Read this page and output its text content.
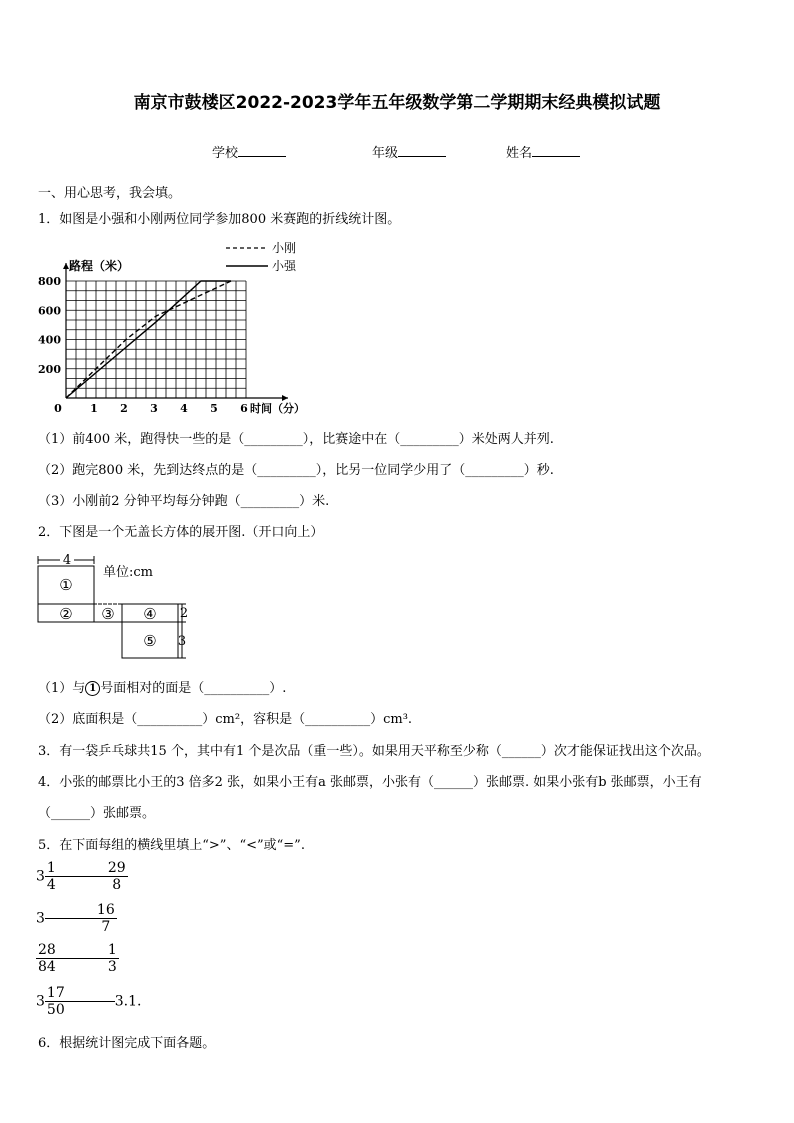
南京市鼓楼区2022-2023学年五年级数学第二学期期末经典模拟试题
学校	年级	姓名
一、用心思考，我会填。
1．如图是小强和小刚两位同学参加800 米赛跑的折线统计图。
路程（米）
0	1 2 3 4 5 6 时间（分）
200
400
600
800
小刚
小强
（1）前400 米，跑得快一些的是（_________），比赛途中在（_________）米处两人并列.
（2）跑完800 米，先到达终点的是（_________），比另一位同学少用了（_________）秒.
（3）小刚前2 分钟平均每分钟跑（_________）米.
2．下图是一个无盖长方体的展开图.（开口向上）
4
①
② ③ ④
⑤
2
3
单位:cm
（1）与 1 号面相对的面是（__________）.
（2）底面积是（__________）cm²，容积是（__________）cm³.
3．有一袋乒乓球共15 个，其中有1 个是次品（重一些）。如果用天平称至少称（______）次才能保证找出这个次品。
4．小张的邮票比小王的3 倍多2 张，如果小王有a 张邮票，小张有（______）张邮票. 如果小张有b 张邮票，小王有
（______）张邮票。
5．在下面每组的横线里填上“>”、“<”或“=”.
$3 \frac{1}{4}$	$\frac{29}{8}$
3	$\frac{16}{7}$
$\frac{28}{84}$	$\frac{1}{3}$
$3 \frac{17}{50}$	3.1.
6．根据统计图完成下面各题。
